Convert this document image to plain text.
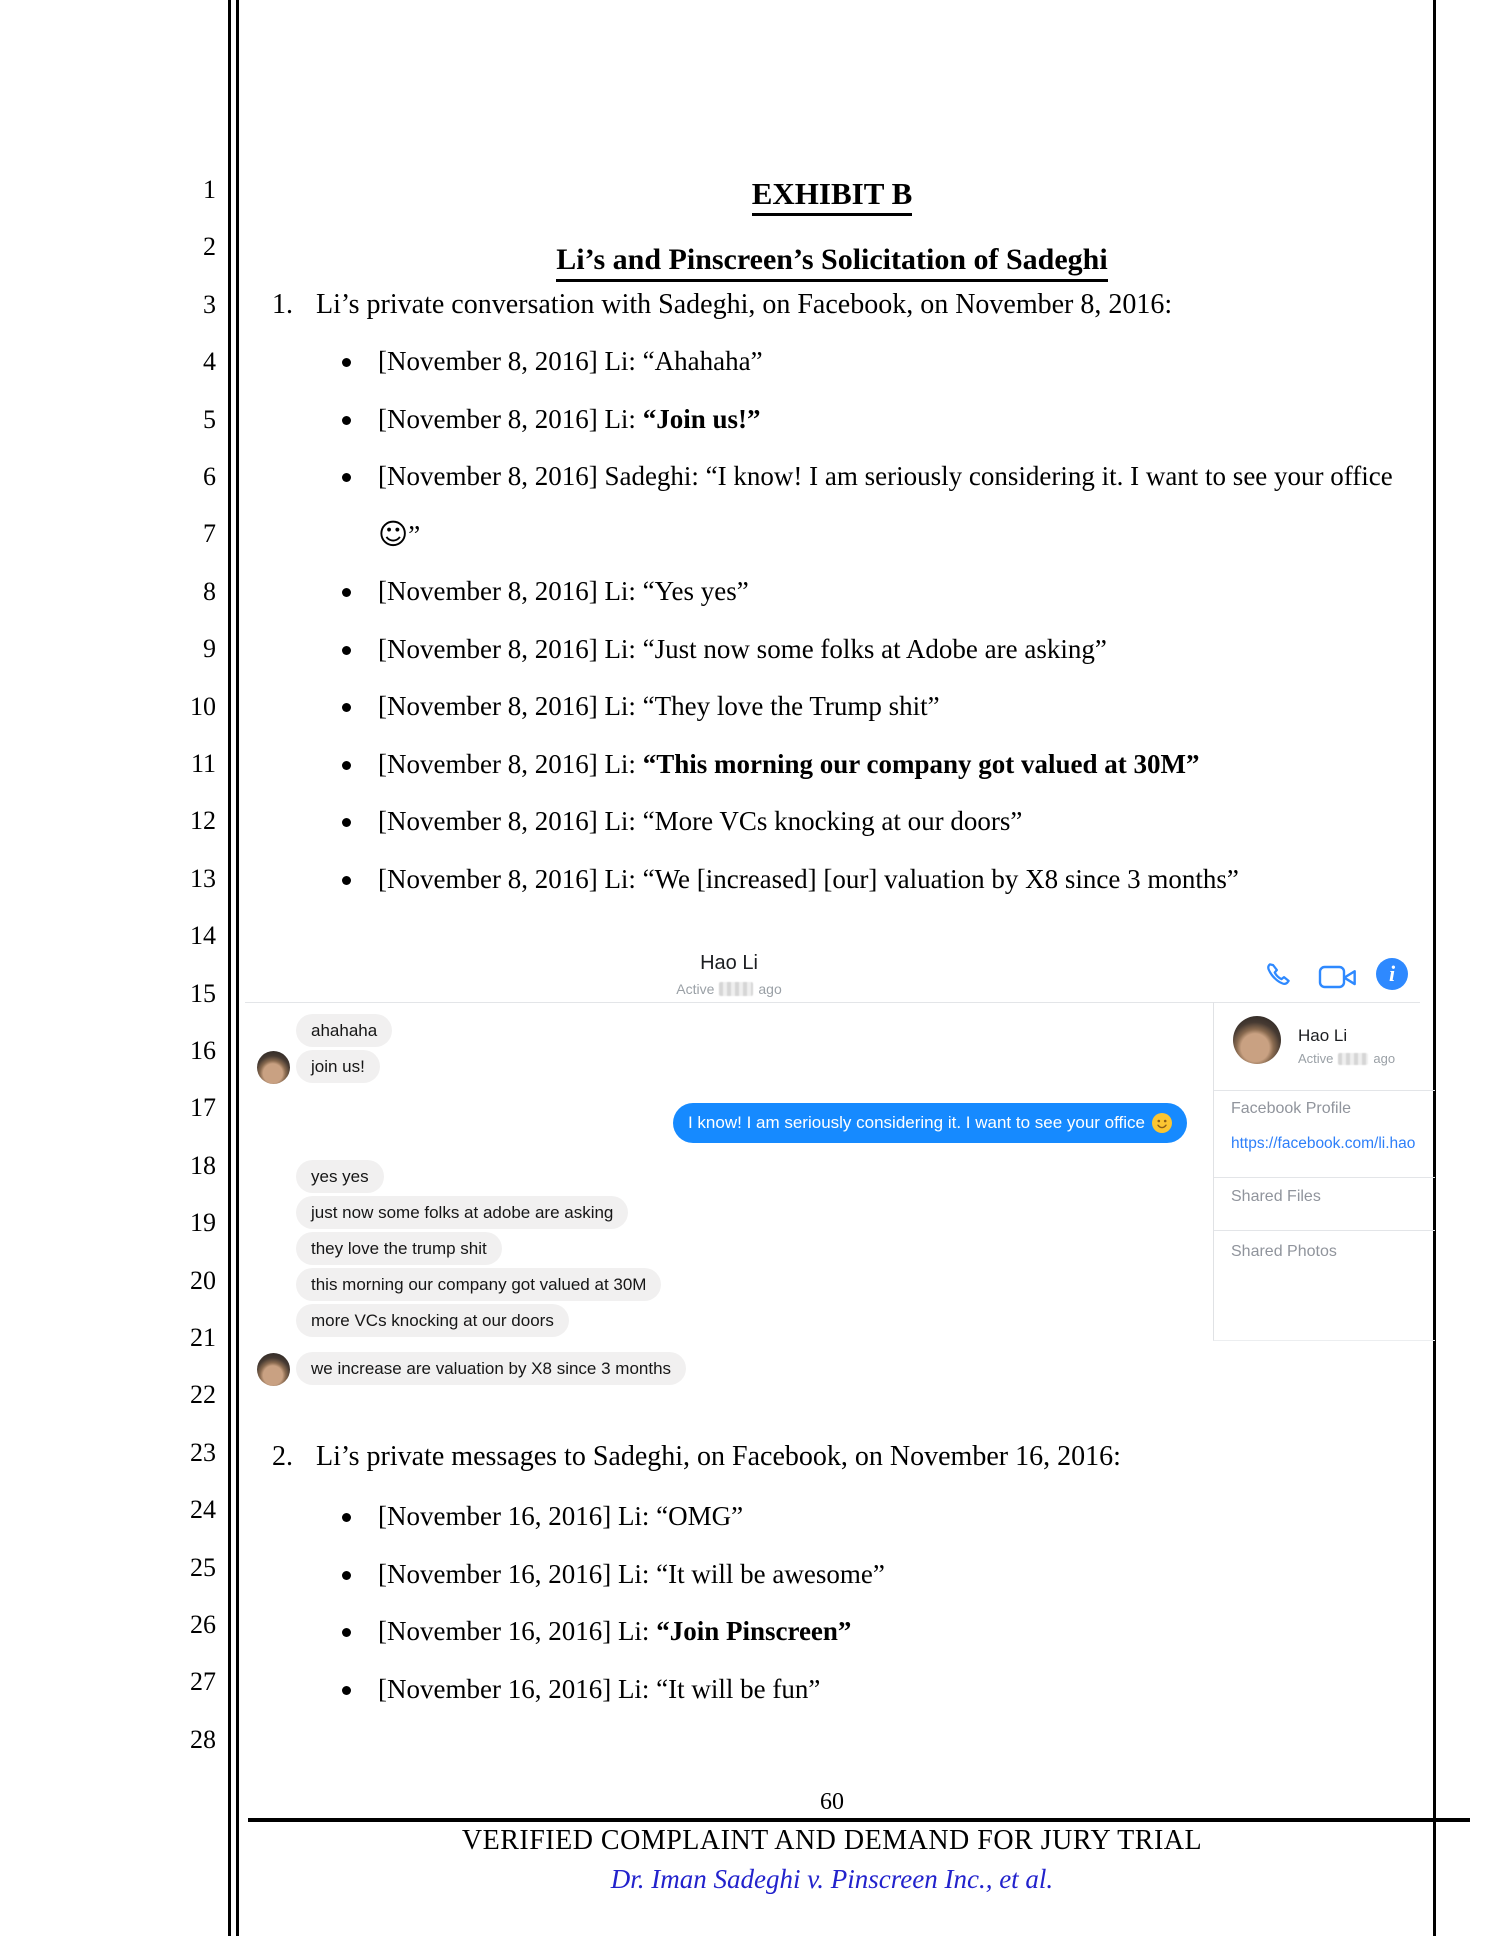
1
2
3
4
5
6
7
8
9
10
11
12
13
14
15
16
17
18
19
20
21
22
23
24
25
26
27
28
EXHIBIT B
Li’s and Pinscreen’s Solicitation of Sadeghi
1. Li’s private conversation with Sadeghi, on Facebook, on November 8, 2016:
[November 8, 2016] Li: “Ahahaha”
[November 8, 2016] Li: “Join us!”
[November 8, 2016] Sadeghi: “I know! I am seriously considering it. I want to see your office ☺”
[November 8, 2016] Li: “Yes yes”
[November 8, 2016] Li: “Just now some folks at Adobe are asking”
[November 8, 2016] Li: “They love the Trump shit”
[November 8, 2016] Li: “This morning our company got valued at 30M”
[November 8, 2016] Li: “More VCs knocking at our doors”
[November 8, 2016] Li: “We [increased] [our] valuation by X8 since 3 months”
Hao Li
Active	ago
i
ahahaha
join us!
I know! I am seriously considering it. I want to see your office
yes yes
just now some folks at adobe are asking
they love the trump shit
this morning our company got valued at 30M
more VCs knocking at our doors
we increase are valuation by X8 since 3 months
Hao Li
Active	ago
Facebook Profile
https://facebook.com/li.hao
Shared Files
Shared Photos
2. Li’s private messages to Sadeghi, on Facebook, on November 16, 2016:
[November 16, 2016] Li: “OMG”
[November 16, 2016] Li: “It will be awesome”
[November 16, 2016] Li: “Join Pinscreen”
[November 16, 2016] Li: “It will be fun”
60
VERIFIED COMPLAINT AND DEMAND FOR JURY TRIAL
Dr. Iman Sadeghi v. Pinscreen Inc., et al.
